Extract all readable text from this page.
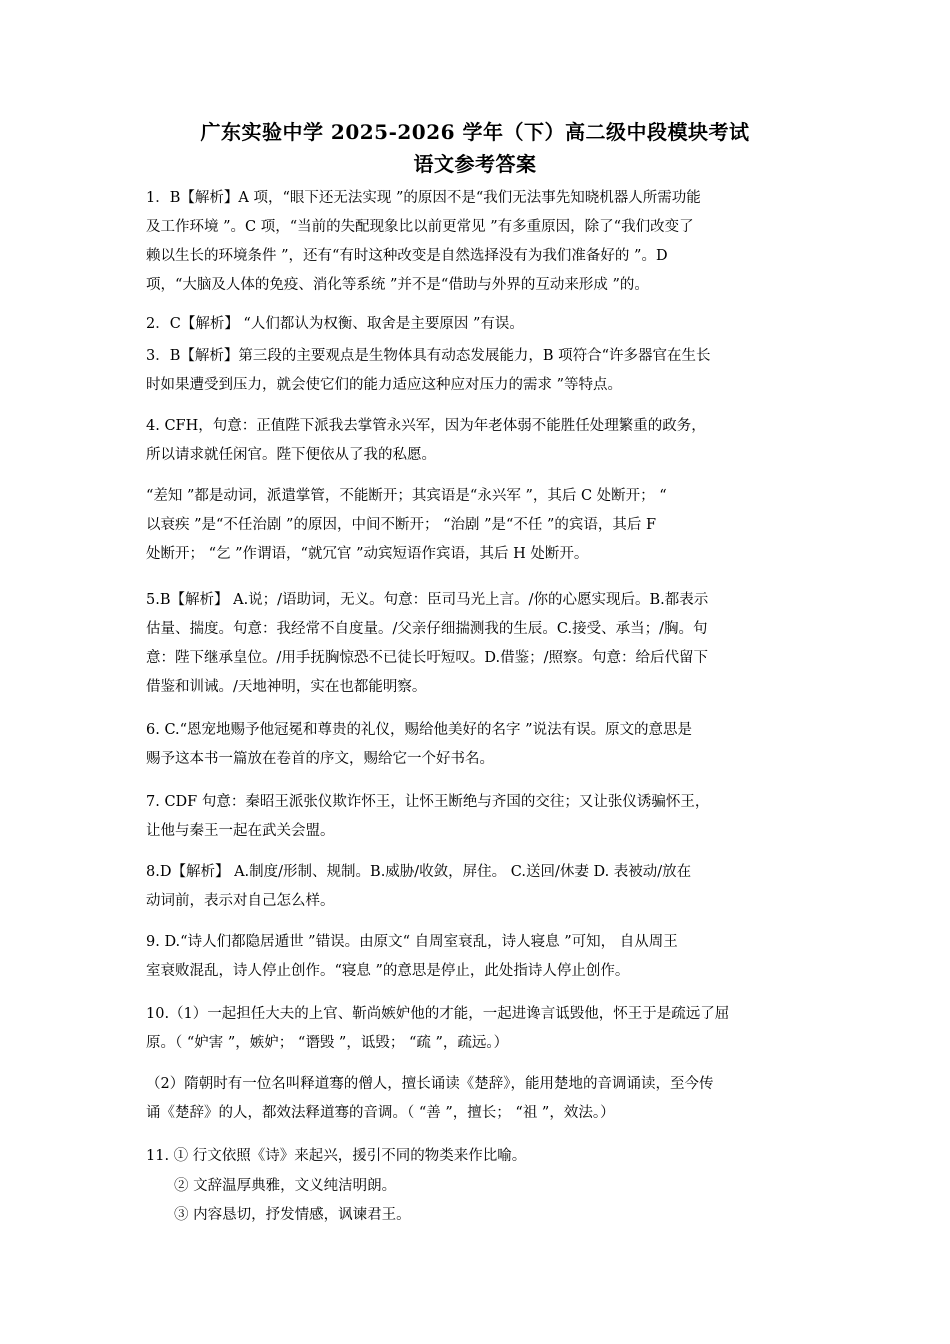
广东实验中学 2025-2026 学年（下）高二级中段模块考试
语文参考答案
1．B【解析】A 项，“眼下还无法实现 ”的原因不是“我们无法事先知晓机器人所需功能
及工作环境 ”。C 项，“当前的失配现象比以前更常见 ”有多重原因，除了“我们改变了
赖以生长的环境条件 ”，还有“有时这种改变是自然选择没有为我们准备好的 ”。D
项，“大脑及人体的免疫、消化等系统 ”并不是“借助与外界的互动来形成 ”的。
2．C【解析】 “人们都认为权衡、取舍是主要原因 ”有误。
3．B【解析】第三段的主要观点是生物体具有动态发展能力，B 项符合“许多器官在生长
时如果遭受到压力，就会使它们的能力适应这种应对压力的需求 ”等特点。
4. CFH，句意：正值陛下派我去掌管永兴军，因为年老体弱不能胜任处理繁重的政务，
所以请求就任闲官。陛下便依从了我的私愿。
“差知 ”都是动词，派遣掌管，不能断开；其宾语是“永兴军 ”，其后 C 处断开； “
以衰疾 ”是“不任治剧 ”的原因，中间不断开； “治剧 ”是“不任 ”的宾语，其后 F
处断开； “乞 ”作谓语，“就冗官 ”动宾短语作宾语，其后 H 处断开。
5.B【解析】 A.说；/语助词，无义。句意：臣司马光上言。/你的心愿实现后。B.都表示
估量、揣度。句意：我经常不自度量。/父亲仔细揣测我的生辰。C.接受、承当；/胸。句
意：陛下继承皇位。/用手抚胸惊恐不已徒长吁短叹。D.借鉴；/照察。句意：给后代留下
借鉴和训诫。/天地神明，实在也都能明察。
6. C.“恩宠地赐予他冠冕和尊贵的礼仪，赐给他美好的名字 ”说法有误。原文的意思是
赐予这本书一篇放在卷首的序文，赐给它一个好书名。
7. CDF 句意：秦昭王派张仪欺诈怀王，让怀王断绝与齐国的交往；又让张仪诱骗怀王，
让他与秦王一起在武关会盟。
8.D【解析】 A.制度/形制、规制。B.威胁/收敛，屏住。 C.送回/休妻 D. 表被动/放在
动词前，表示对自己怎么样。
9. D.“诗人们都隐居遁世 ”错误。由原文“ 自周室衰乱，诗人寝息 ”可知， 自从周王
室衰败混乱，诗人停止创作。“寝息 ”的意思是停止，此处指诗人停止创作。
10.（1）一起担任大夫的上官、靳尚嫉妒他的才能，一起进谗言诋毁他，怀王于是疏远了屈
原。（ “妒害 ”，嫉妒； “谮毁 ”，诋毁； “疏 ”，疏远。）
（2）隋朝时有一位名叫释道骞的僧人，擅长诵读《楚辞》，能用楚地的音调诵读，至今传
诵《楚辞》的人，都效法释道骞的音调。（ “善 ”，擅长； “祖 ”，效法。）
11. ① 行文依照《诗》来起兴，援引不同的物类来作比喻。
② 文辞温厚典雅，文义纯洁明朗。
③ 内容恳切，抒发情感，讽谏君王。
